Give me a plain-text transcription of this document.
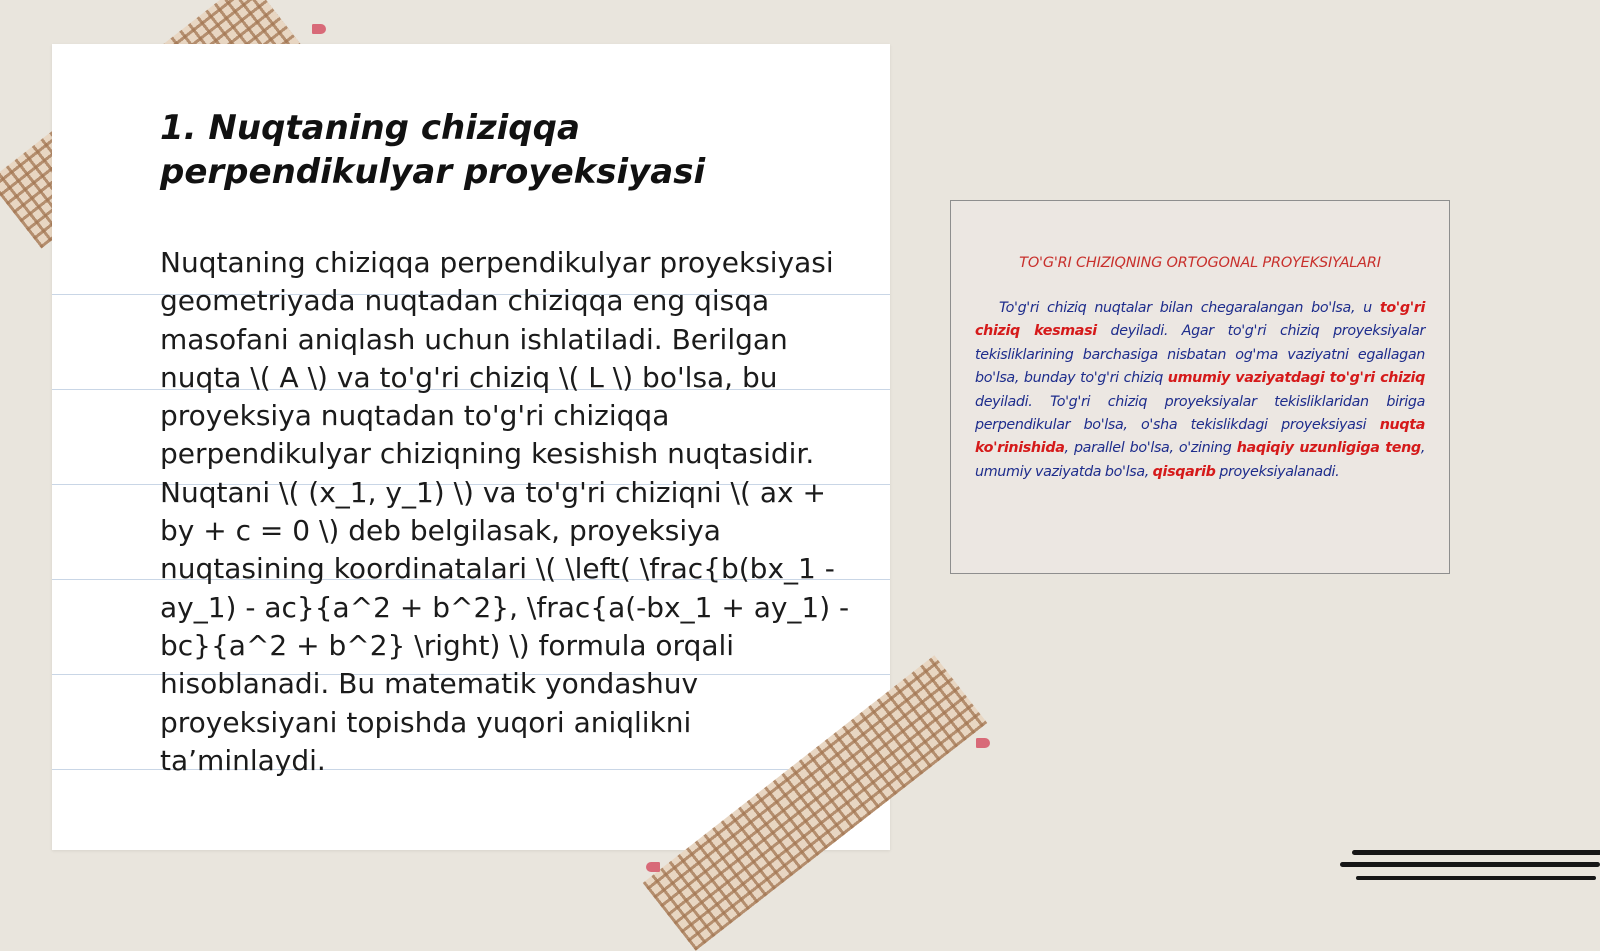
1. Nuqtaning chiziqqa perpendikulyar proyeksiyasi

Nuqtaning chiziqqa perpendikulyar proyeksiyasi geometriyada nuqtadan chiziqqa eng qisqa masofani aniqlash uchun ishlatiladi. Berilgan nuqta \( A \) va to'g'ri chiziq \( L \) bo'lsa, bu proyeksiya nuqtadan to'g'ri chiziqqa perpendikulyar chiziqning kesishish nuqtasidir. Nuqtani \( (x_1, y_1) \) va to'g'ri chiziqni \( ax + by + c = 0 \) deb belgilasak, proyeksiya nuqtasining koordinatalari \( \left( \frac{b(bx_1 - ay_1) - ac}{a^2 + b^2}, \frac{a(-bx_1 + ay_1) - bc}{a^2 + b^2} \right) \) formula orqali hisoblanadi. Bu matematik yondashuv proyeksiyani topishda yuqori aniqlikni ta’minlaydi.

TO'G'RI CHIZIQNING ORTOGONAL PROYEKSIYALARI
To'g'ri chiziq nuqtalar bilan chegaralangan bo'lsa, u to'g'ri chiziq kesmasi deyiladi. Agar to'g'ri chiziq proyeksiyalar tekisliklarining barchasiga nisbatan og'ma vaziyatni egallagan bo'lsa, bunday to'g'ri chiziq umumiy vaziyatdagi to'g'ri chiziq deyiladi. To'g'ri chiziq proyeksiyalar tekisliklaridan biriga perpendikular bo'lsa, o'sha tekislikdagi proyeksiyasi nuqta ko'rinishida, parallel bo'lsa, o'zining haqiqiy uzunligiga teng, umumiy vaziyatda bo'lsa, qisqarib proyeksiyalanadi.
